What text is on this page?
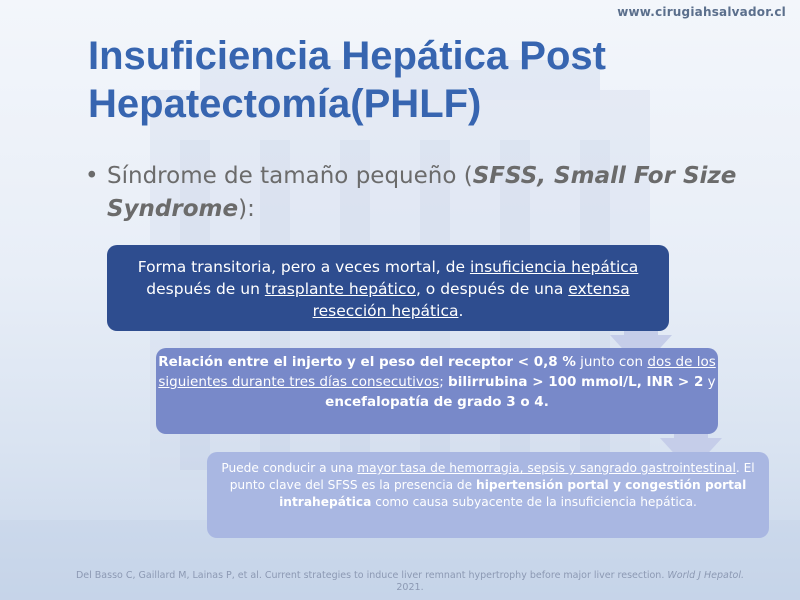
www.cirugiahsalvador.cl
Insuficiencia Hepática Post Hepatectomía(PHLF)
• Síndrome de tamaño pequeño (SFSS, Small For Size Syndrome):
Forma transitoria, pero a veces mortal, de insuficiencia hepática después de un trasplante hepático, o después de una extensa resección hepática.
Relación entre el injerto y el peso del receptor < 0,8 % junto con dos de los siguientes durante tres días consecutivos; bilirrubina > 100 mmol/L, INR > 2 y encefalopatía de grado 3 o 4.
Puede conducir a una mayor tasa de hemorragia, sepsis y sangrado gastrointestinal. El punto clave del SFSS es la presencia de hipertensión portal y congestión portal intrahepática como causa subyacente de la insuficiencia hepática.
Del Basso C, Gaillard M, Lainas P, et al. Current strategies to induce liver remnant hypertrophy before major liver resection. World J Hepatol.
2021.
